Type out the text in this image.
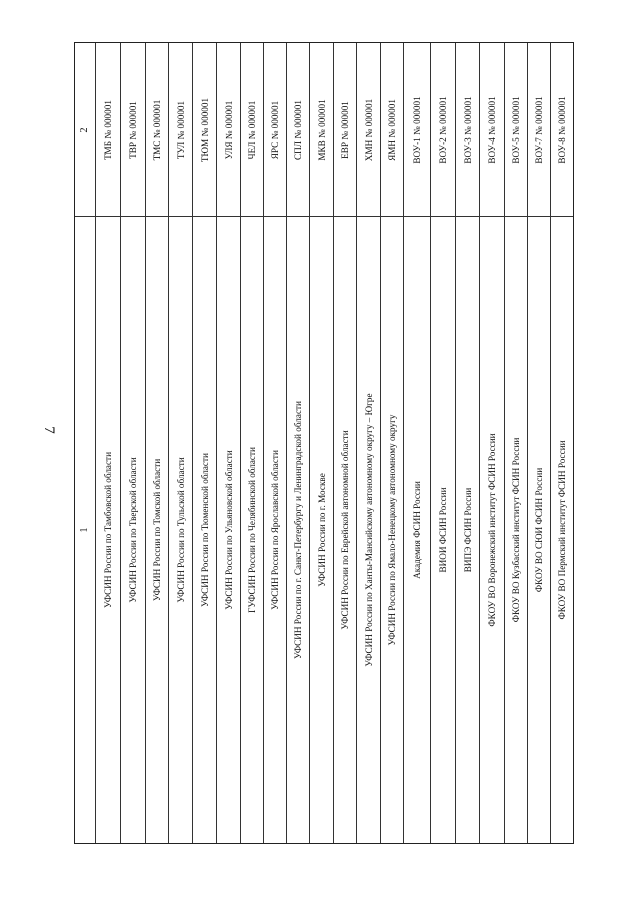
7
2
1
ТМБ № 000001
УФСИН России по Тамбовской области
ТВР № 000001
УФСИН России по Тверской области
ТМС № 000001
УФСИН России по Томской области
ТУЛ № 000001
УФСИН России по Тульской области
ТЮМ № 000001
УФСИН России по Тюменской области
УЛЯ № 000001
УФСИН России по Ульяновской области
ЧЕЛ № 000001
ГУФСИН России по Челябинской области
ЯРС № 000001
УФСИН России по Ярославской области
СПЛ № 000001
УФСИН России по г. Санкт-Петербургу и Ленинградской области
МКВ № 000001
УФСИН России по г. Москве
ЕВР № 000001
УФСИН России по Еврейской автономной области
ХМН № 000001
УФСИН России по Ханты-Мансийскому автономному округу – Югре
ЯМН № 000001
УФСИН России по Ямало-Ненецкому автономному округу
ВОУ-1 № 000001
Академия ФСИН России
ВОУ-2 № 000001
ВИОИ ФСИН России
ВОУ-3 № 000001
ВИПЭ ФСИН России
ВОУ-4 № 000001
ФКОУ ВО Воронежский институт ФСИН России
ВОУ-5 № 000001
ФКОУ ВО Кузбасский институт ФСИН России
ВОУ-7 № 000001
ФКОУ ВО СЮИ ФСИН России
ВОУ-8 № 000001
ФКОУ ВО Пермский институт ФСИН России
